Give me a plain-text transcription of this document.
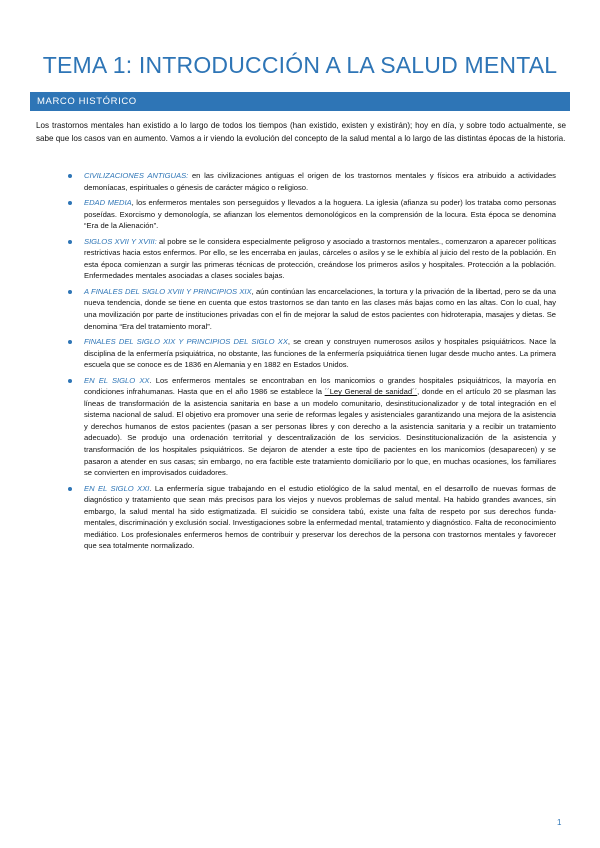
TEMA 1: INTRODUCCIÓN A LA SALUD MENTAL
MARCO HISTÓRICO

Los trastornos mentales han existido a lo largo de todos los tiempos (han existido, existen y existirán); hoy en día, y sobre todo actualmente, se sabe que los casos van en aumento. Vamos a ir viendo la evolución del concepto de la salud mental a lo largo de las distintas épocas de la historia.

CIVILIZACIONES ANTIGUAS: en las civilizaciones antiguas el origen de los trastornos mentales y físicos era atribuido a actividades demoníacas, espirituales o génesis de carácter mágico o religioso.
EDAD MEDIA, los enfermeros mentales son perseguidos y llevados a la hoguera. La iglesia (afianza su poder) los trataba como personas poseídas. Exorcismo y demonología, se afianzan los elementos demonológicos en la comprensión de la locura. Esta época se denomina “Era de la Alienación”.
SIGLOS XVII Y XVIII: al pobre se le considera especialmente peligroso y asociado a trastornos mentales., comenzaron a aparecer políticas restrictivas hacia estos enfermos. Por ello, se les encerraba en jaulas, cárceles o asilos y se le exhibía al juicio del resto de la población. En esta época comienzan a surgir las primeras técnicas de protección, creándose los primeros asilos y hospitales. Protección a la población. Enfermedades mentales asociadas a clases sociales bajas.
A FINALES DEL SIGLO XVIII Y PRINCIPIOS XIX, aún continúan las encarcelaciones, la tortura y la privación de la libertad, pero se da una nueva tendencia, donde se tiene en cuenta que estos trastornos se dan tanto en las clases más bajas como en las altas. Con lo cual, hay una movilización por parte de instituciones privadas con el fin de mejorar la salud de estos pacientes con hidroterapia, masajes y dietas. Se denomina “Era del tratamiento moral”.
FINALES DEL SIGLO XIX Y PRINCIPIOS DEL SIGLO XX, se crean y construyen numerosos asilos y hospitales psiquiátricos. Nace la disciplina de la enfermería psiquiátrica, no obstante, las funciones de la enfermería psiquiátrica tienen lugar desde mucho antes. La primera escuela que se conoce es de 1836 en Alemania y en 1882 en Estados Unidos.
EN EL SIGLO XX. Los enfermeros mentales se encontraban en los manicomios o grandes hospitales psiquiátricos, la mayoría en condiciones infrahumanas. Hasta que en el año 1986 se establece la ´´Ley General de sanidad´´, donde en el artículo 20 se plasman las líneas de transformación de la asistencia sanitaria en base a un modelo comunitario, desinstitucionalizador y de total integración en el sistema nacional de salud. El objetivo era promover una serie de reformas legales y asistenciales garantizando una mejora de la asistencia y derechos humanos de estos pacientes (pasan a ser personas libres y con derecho a la asistencia sanitaria y a recibir un tratamiento adecuado). Se produjo una ordenación territorial y descentralización de los servicios. Desinstitucionalización de la asistencia y transformación de los hospitales psiquiátricos. Se dejaron de atender a este tipo de pacientes en los manicomios (desaparecen) y se pasaron a atender en sus casas; sin embargo, no era factible este tratamiento domiciliario por lo que, en muchas ocasiones, los familiares se convierten en improvisados cuidadores.
EN EL SIGLO XXI. La enfermería sigue trabajando en el estudio etiológico de la salud mental, en el desarrollo de nuevas formas de diagnóstico y tratamiento que sean más precisos para los viejos y nuevos problemas de salud mental. Ha habido grandes avances, sin embargo, la salud mental ha sido estigmatizada. El suicidio se considera tabú, existe una falta de respeto por sus derechos funda- mentales, discriminación y exclusión social. Investigaciones sobre la enfermedad mental, tratamiento y diagnóstico. Falta de reconocimiento mediático. Los profesionales enfermeros hemos de contribuir y preservar los derechos de la persona con trastornos mentales y favorecer que sea totalmente normalizado.
1
